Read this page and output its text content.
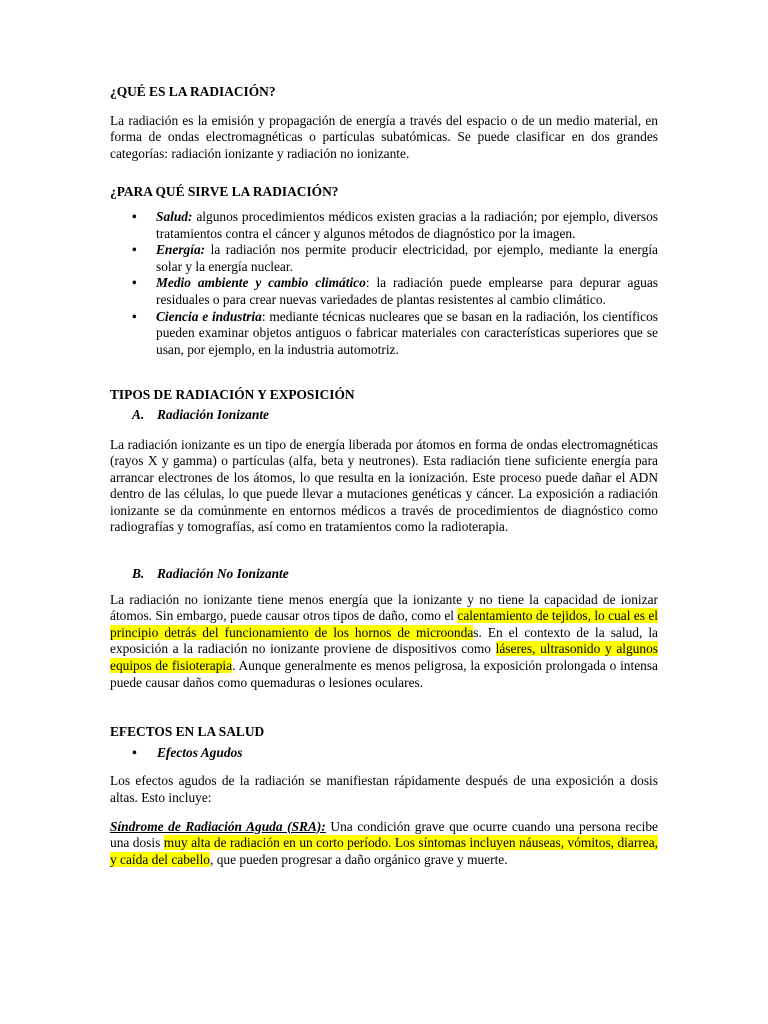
¿QUÉ ES LA RADIACIÓN?

La radiación es la emisión y propagación de energía a través del espacio o de un medio material, en forma de ondas electromagnéticas o partículas subatómicas. Se puede clasificar en dos grandes categorías: radiación ionizante y radiación no ionizante.

¿PARA QUÉ SIRVE LA RADIACIÓN?
• Salud: algunos procedimientos médicos existen gracias a la radiación; por ejemplo, diversos tratamientos contra el cáncer y algunos métodos de diagnóstico por la imagen.
• Energía: la radiación nos permite producir electricidad, por ejemplo, mediante la energía solar y la energía nuclear.
• Medio ambiente y cambio climático: la radiación puede emplearse para depurar aguas residuales o para crear nuevas variedades de plantas resistentes al cambio climático.
• Ciencia e industria: mediante técnicas nucleares que se basan en la radiación, los científicos pueden examinar objetos antiguos o fabricar materiales con características superiores que se usan, por ejemplo, en la industria automotriz.
TIPOS DE RADIACIÓN Y EXPOSICIÓN
A. Radiación Ionizante

La radiación ionizante es un tipo de energía liberada por átomos en forma de ondas electromagnéticas (rayos X y gamma) o partículas (alfa, beta y neutrones). Esta radiación tiene suficiente energía para arrancar electrones de los átomos, lo que resulta en la ionización. Este proceso puede dañar el ADN dentro de las células, lo que puede llevar a mutaciones genéticas y cáncer. La exposición a radiación ionizante se da comúnmente en entornos médicos a través de procedimientos de diagnóstico como radiografías y tomografías, así como en tratamientos como la radioterapia.

B. Radiación No Ionizante

La radiación no ionizante tiene menos energía que la ionizante y no tiene la capacidad de ionizar átomos. Sin embargo, puede causar otros tipos de daño, como el calentamiento de tejidos, lo cual es el principio detrás del funcionamiento de los hornos de microondas. En el contexto de la salud, la exposición a la radiación no ionizante proviene de dispositivos como láseres, ultrasonido y algunos equipos de fisioterapia. Aunque generalmente es menos peligrosa, la exposición prolongada o intensa puede causar daños como quemaduras o lesiones oculares.

EFECTOS EN LA SALUD
• Efectos Agudos

Los efectos agudos de la radiación se manifiestan rápidamente después de una exposición a dosis altas. Esto incluye:

Síndrome de Radiación Aguda (SRA): Una condición grave que ocurre cuando una persona recibe una dosis muy alta de radiación en un corto período. Los síntomas incluyen náuseas, vómitos, diarrea, y caída del cabello, que pueden progresar a daño orgánico grave y muerte.
